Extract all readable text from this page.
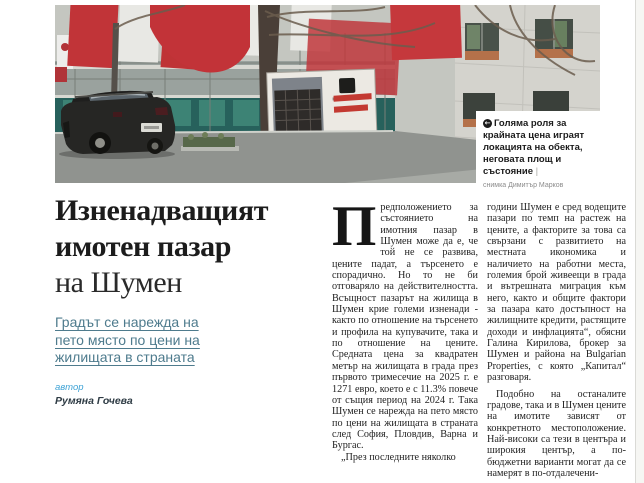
← Голяма роля за крайната цена играят локацията на обекта, неговата площ и състояние |

снимка Димитър Марков
Изненадващият имотен пазар
на Шумен

Градът се нарежда на пето място по цени на жилищата в страната

автор
Румяна Гочева

Предположението за състоянието на имотния пазар в Шумен може да е, че той не се развива, цените падат, а търсенето е спорадично. Но то не би отговаряло на действителността. Всъщност пазарът на жилища в Шумен крие големи изненади - както по отношение на търсенето и профила на купувачите, така и по отношение на цените. Средната цена за квадратен метър на жилищата в града през първото тримесечие на 2025 г. е 1271 евро, което е с 11.3% повече от същия период на 2024 г. Така Шумен се нарежда на пето място по цени на жилищата в страната след София, Пловдив, Варна и Бургас.

„През последните няколко

години Шумен е сред водещите пазари по темп на растеж на цените, а факторите за това са свързани с развитието на местната икономика и наличието на работни места, големия брой живеещи в града и вътрешната миграция към него, както и общите фактори за пазара като достъпност на жилищните кредити, растящите доходи и инфлацията“, обясни Галина Кирилова, брокер за Шумен и района на Bulgarian Properties, с която „Капитал“ разговаря.

Подобно на останалите градове, така и в Шумен цените на имотите зависят от конкретното местоположение. Най-високи са тези в центъра и широкия център, а по-бюджетни варианти могат да се намерят в по-отдалечени-
